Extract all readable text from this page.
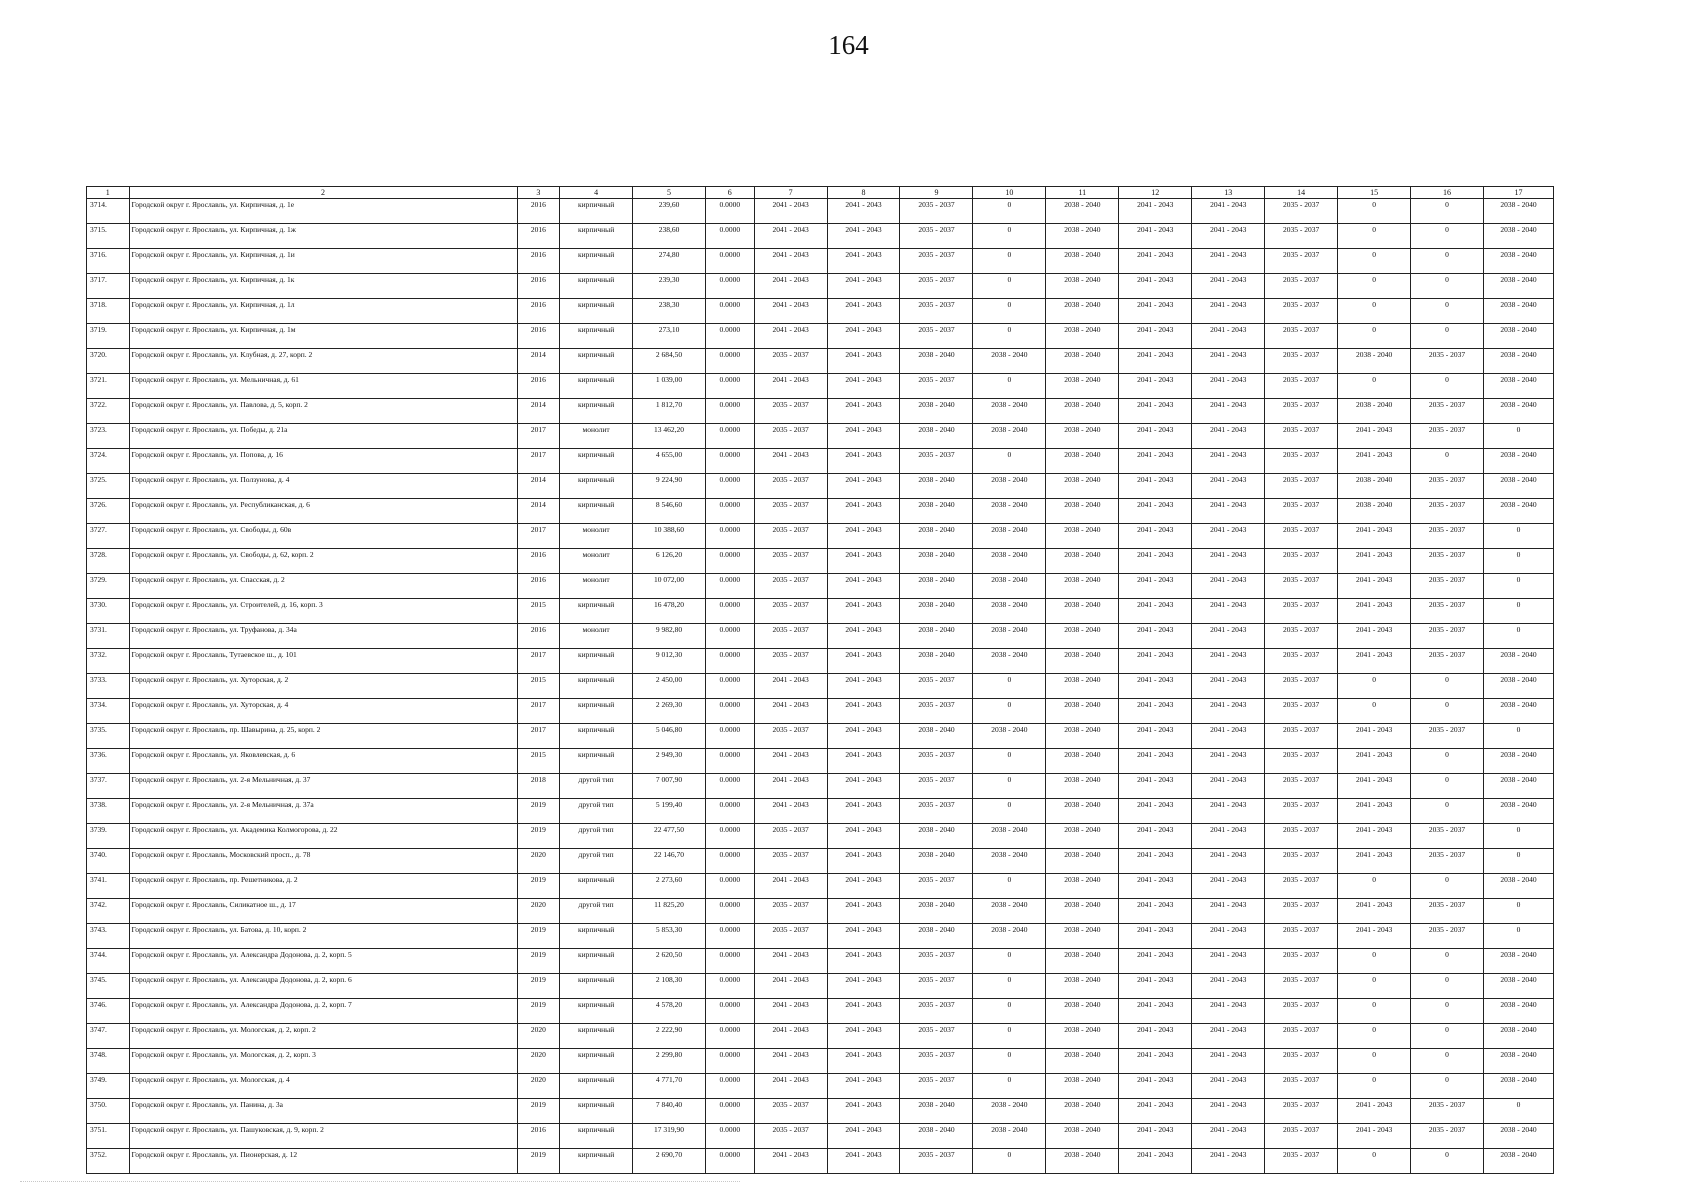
164
1	2	3	4	5	6	7	8	9	10	11	12	13	14	15	16	17
3714.	Городской округ г. Ярославль, ул. Кирпичная, д. 1е	2016	кирпичный	239,60	0.0000	2041 - 2043	2041 - 2043	2035 - 2037	0	2038 - 2040	2041 - 2043	2041 - 2043	2035 - 2037	0	0	2038 - 2040
3715.	Городской округ г. Ярославль, ул. Кирпичная, д. 1ж	2016	кирпичный	238,60	0.0000	2041 - 2043	2041 - 2043	2035 - 2037	0	2038 - 2040	2041 - 2043	2041 - 2043	2035 - 2037	0	0	2038 - 2040
3716.	Городской округ г. Ярославль, ул. Кирпичная, д. 1и	2016	кирпичный	274,80	0.0000	2041 - 2043	2041 - 2043	2035 - 2037	0	2038 - 2040	2041 - 2043	2041 - 2043	2035 - 2037	0	0	2038 - 2040
3717.	Городской округ г. Ярославль, ул. Кирпичная, д. 1к	2016	кирпичный	239,30	0.0000	2041 - 2043	2041 - 2043	2035 - 2037	0	2038 - 2040	2041 - 2043	2041 - 2043	2035 - 2037	0	0	2038 - 2040
3718.	Городской округ г. Ярославль, ул. Кирпичная, д. 1л	2016	кирпичный	238,30	0.0000	2041 - 2043	2041 - 2043	2035 - 2037	0	2038 - 2040	2041 - 2043	2041 - 2043	2035 - 2037	0	0	2038 - 2040
3719.	Городской округ г. Ярославль, ул. Кирпичная, д. 1м	2016	кирпичный	273,10	0.0000	2041 - 2043	2041 - 2043	2035 - 2037	0	2038 - 2040	2041 - 2043	2041 - 2043	2035 - 2037	0	0	2038 - 2040
3720.	Городской округ г. Ярославль, ул. Клубная, д. 27, корп. 2	2014	кирпичный	2 684,50	0.0000	2035 - 2037	2041 - 2043	2038 - 2040	2038 - 2040	2038 - 2040	2041 - 2043	2041 - 2043	2035 - 2037	2038 - 2040	2035 - 2037	2038 - 2040
3721.	Городской округ г. Ярославль, ул. Мельничная, д. 61	2016	кирпичный	1 039,00	0.0000	2041 - 2043	2041 - 2043	2035 - 2037	0	2038 - 2040	2041 - 2043	2041 - 2043	2035 - 2037	0	0	2038 - 2040
3722.	Городской округ г. Ярославль, ул. Павлова, д. 5, корп. 2	2014	кирпичный	1 812,70	0.0000	2035 - 2037	2041 - 2043	2038 - 2040	2038 - 2040	2038 - 2040	2041 - 2043	2041 - 2043	2035 - 2037	2038 - 2040	2035 - 2037	2038 - 2040
3723.	Городской округ г. Ярославль, ул. Победы, д. 21а	2017	монолит	13 462,20	0.0000	2035 - 2037	2041 - 2043	2038 - 2040	2038 - 2040	2038 - 2040	2041 - 2043	2041 - 2043	2035 - 2037	2041 - 2043	2035 - 2037	0
3724.	Городской округ г. Ярославль, ул. Попова, д. 16	2017	кирпичный	4 655,00	0.0000	2041 - 2043	2041 - 2043	2035 - 2037	0	2038 - 2040	2041 - 2043	2041 - 2043	2035 - 2037	2041 - 2043	0	2038 - 2040
3725.	Городской округ г. Ярославль, ул. Ползунова, д. 4	2014	кирпичный	9 224,90	0.0000	2035 - 2037	2041 - 2043	2038 - 2040	2038 - 2040	2038 - 2040	2041 - 2043	2041 - 2043	2035 - 2037	2038 - 2040	2035 - 2037	2038 - 2040
3726.	Городской округ г. Ярославль, ул. Республиканская, д. 6	2014	кирпичный	8 546,60	0.0000	2035 - 2037	2041 - 2043	2038 - 2040	2038 - 2040	2038 - 2040	2041 - 2043	2041 - 2043	2035 - 2037	2038 - 2040	2035 - 2037	2038 - 2040
3727.	Городской округ г. Ярославль, ул. Свободы, д. 60в	2017	монолит	10 388,60	0.0000	2035 - 2037	2041 - 2043	2038 - 2040	2038 - 2040	2038 - 2040	2041 - 2043	2041 - 2043	2035 - 2037	2041 - 2043	2035 - 2037	0
3728.	Городской округ г. Ярославль, ул. Свободы, д. 62, корп. 2	2016	монолит	6 126,20	0.0000	2035 - 2037	2041 - 2043	2038 - 2040	2038 - 2040	2038 - 2040	2041 - 2043	2041 - 2043	2035 - 2037	2041 - 2043	2035 - 2037	0
3729.	Городской округ г. Ярославль, ул. Спасская, д. 2	2016	монолит	10 072,00	0.0000	2035 - 2037	2041 - 2043	2038 - 2040	2038 - 2040	2038 - 2040	2041 - 2043	2041 - 2043	2035 - 2037	2041 - 2043	2035 - 2037	0
3730.	Городской округ г. Ярославль, ул. Строителей, д. 16, корп. 3	2015	кирпичный	16 478,20	0.0000	2035 - 2037	2041 - 2043	2038 - 2040	2038 - 2040	2038 - 2040	2041 - 2043	2041 - 2043	2035 - 2037	2041 - 2043	2035 - 2037	0
3731.	Городской округ г. Ярославль, ул. Труфанова, д. 34а	2016	монолит	9 982,80	0.0000	2035 - 2037	2041 - 2043	2038 - 2040	2038 - 2040	2038 - 2040	2041 - 2043	2041 - 2043	2035 - 2037	2041 - 2043	2035 - 2037	0
3732.	Городской округ г. Ярославль, Тутаевское ш., д. 101	2017	кирпичный	9 012,30	0.0000	2035 - 2037	2041 - 2043	2038 - 2040	2038 - 2040	2038 - 2040	2041 - 2043	2041 - 2043	2035 - 2037	2041 - 2043	2035 - 2037	2038 - 2040
3733.	Городской округ г. Ярославль, ул. Хуторская, д. 2	2015	кирпичный	2 450,00	0.0000	2041 - 2043	2041 - 2043	2035 - 2037	0	2038 - 2040	2041 - 2043	2041 - 2043	2035 - 2037	0	0	2038 - 2040
3734.	Городской округ г. Ярославль, ул. Хуторская, д. 4	2017	кирпичный	2 269,30	0.0000	2041 - 2043	2041 - 2043	2035 - 2037	0	2038 - 2040	2041 - 2043	2041 - 2043	2035 - 2037	0	0	2038 - 2040
3735.	Городской округ г. Ярославль, пр. Шавырина, д. 25, корп. 2	2017	кирпичный	5 046,80	0.0000	2035 - 2037	2041 - 2043	2038 - 2040	2038 - 2040	2038 - 2040	2041 - 2043	2041 - 2043	2035 - 2037	2041 - 2043	2035 - 2037	0
3736.	Городской округ г. Ярославль, ул. Яковлевская, д. 6	2015	кирпичный	2 949,30	0.0000	2041 - 2043	2041 - 2043	2035 - 2037	0	2038 - 2040	2041 - 2043	2041 - 2043	2035 - 2037	2041 - 2043	0	2038 - 2040
3737.	Городской округ г. Ярославль, ул. 2-я Мельничная, д. 37	2018	другой тип	7 007,90	0.0000	2041 - 2043	2041 - 2043	2035 - 2037	0	2038 - 2040	2041 - 2043	2041 - 2043	2035 - 2037	2041 - 2043	0	2038 - 2040
3738.	Городской округ г. Ярославль, ул. 2-я Мельничная, д. 37а	2019	другой тип	5 199,40	0.0000	2041 - 2043	2041 - 2043	2035 - 2037	0	2038 - 2040	2041 - 2043	2041 - 2043	2035 - 2037	2041 - 2043	0	2038 - 2040
3739.	Городской округ г. Ярославль, ул. Академика Колмогорова, д. 22	2019	другой тип	22 477,50	0.0000	2035 - 2037	2041 - 2043	2038 - 2040	2038 - 2040	2038 - 2040	2041 - 2043	2041 - 2043	2035 - 2037	2041 - 2043	2035 - 2037	0
3740.	Городской округ г. Ярославль, Московский просп., д. 78	2020	другой тип	22 146,70	0.0000	2035 - 2037	2041 - 2043	2038 - 2040	2038 - 2040	2038 - 2040	2041 - 2043	2041 - 2043	2035 - 2037	2041 - 2043	2035 - 2037	0
3741.	Городской округ г. Ярославль, пр. Решетникова, д. 2	2019	кирпичный	2 273,60	0.0000	2041 - 2043	2041 - 2043	2035 - 2037	0	2038 - 2040	2041 - 2043	2041 - 2043	2035 - 2037	0	0	2038 - 2040
3742.	Городской округ г. Ярославль, Силикатное ш., д. 17	2020	другой тип	11 825,20	0.0000	2035 - 2037	2041 - 2043	2038 - 2040	2038 - 2040	2038 - 2040	2041 - 2043	2041 - 2043	2035 - 2037	2041 - 2043	2035 - 2037	0
3743.	Городской округ г. Ярославль, ул. Батова, д. 10, корп. 2	2019	кирпичный	5 853,30	0.0000	2035 - 2037	2041 - 2043	2038 - 2040	2038 - 2040	2038 - 2040	2041 - 2043	2041 - 2043	2035 - 2037	2041 - 2043	2035 - 2037	0
3744.	Городской округ г. Ярославль, ул. Александра Додонова, д. 2, корп. 5	2019	кирпичный	2 620,50	0.0000	2041 - 2043	2041 - 2043	2035 - 2037	0	2038 - 2040	2041 - 2043	2041 - 2043	2035 - 2037	0	0	2038 - 2040
3745.	Городской округ г. Ярославль, ул. Александра Додонова, д. 2, корп. 6	2019	кирпичный	2 108,30	0.0000	2041 - 2043	2041 - 2043	2035 - 2037	0	2038 - 2040	2041 - 2043	2041 - 2043	2035 - 2037	0	0	2038 - 2040
3746.	Городской округ г. Ярославль, ул. Александра Додонова, д. 2, корп. 7	2019	кирпичный	4 578,20	0.0000	2041 - 2043	2041 - 2043	2035 - 2037	0	2038 - 2040	2041 - 2043	2041 - 2043	2035 - 2037	0	0	2038 - 2040
3747.	Городской округ г. Ярославль, ул. Мологская, д. 2, корп. 2	2020	кирпичный	2 222,90	0.0000	2041 - 2043	2041 - 2043	2035 - 2037	0	2038 - 2040	2041 - 2043	2041 - 2043	2035 - 2037	0	0	2038 - 2040
3748.	Городской округ г. Ярославль, ул. Мологская, д. 2, корп. 3	2020	кирпичный	2 299,80	0.0000	2041 - 2043	2041 - 2043	2035 - 2037	0	2038 - 2040	2041 - 2043	2041 - 2043	2035 - 2037	0	0	2038 - 2040
3749.	Городской округ г. Ярославль, ул. Мологская, д. 4	2020	кирпичный	4 771,70	0.0000	2041 - 2043	2041 - 2043	2035 - 2037	0	2038 - 2040	2041 - 2043	2041 - 2043	2035 - 2037	0	0	2038 - 2040
3750.	Городской округ г. Ярославль, ул. Панина, д. 3а	2019	кирпичный	7 840,40	0.0000	2035 - 2037	2041 - 2043	2038 - 2040	2038 - 2040	2038 - 2040	2041 - 2043	2041 - 2043	2035 - 2037	2041 - 2043	2035 - 2037	0
3751.	Городской округ г. Ярославль, ул. Пашуковская, д. 9, корп. 2	2016	кирпичный	17 319,90	0.0000	2035 - 2037	2041 - 2043	2038 - 2040	2038 - 2040	2038 - 2040	2041 - 2043	2041 - 2043	2035 - 2037	2041 - 2043	2035 - 2037	2038 - 2040
3752.	Городской округ г. Ярославль, ул. Пионерская, д. 12	2019	кирпичный	2 690,70	0.0000	2041 - 2043	2041 - 2043	2035 - 2037	0	2038 - 2040	2041 - 2043	2041 - 2043	2035 - 2037	0	0	2038 - 2040
